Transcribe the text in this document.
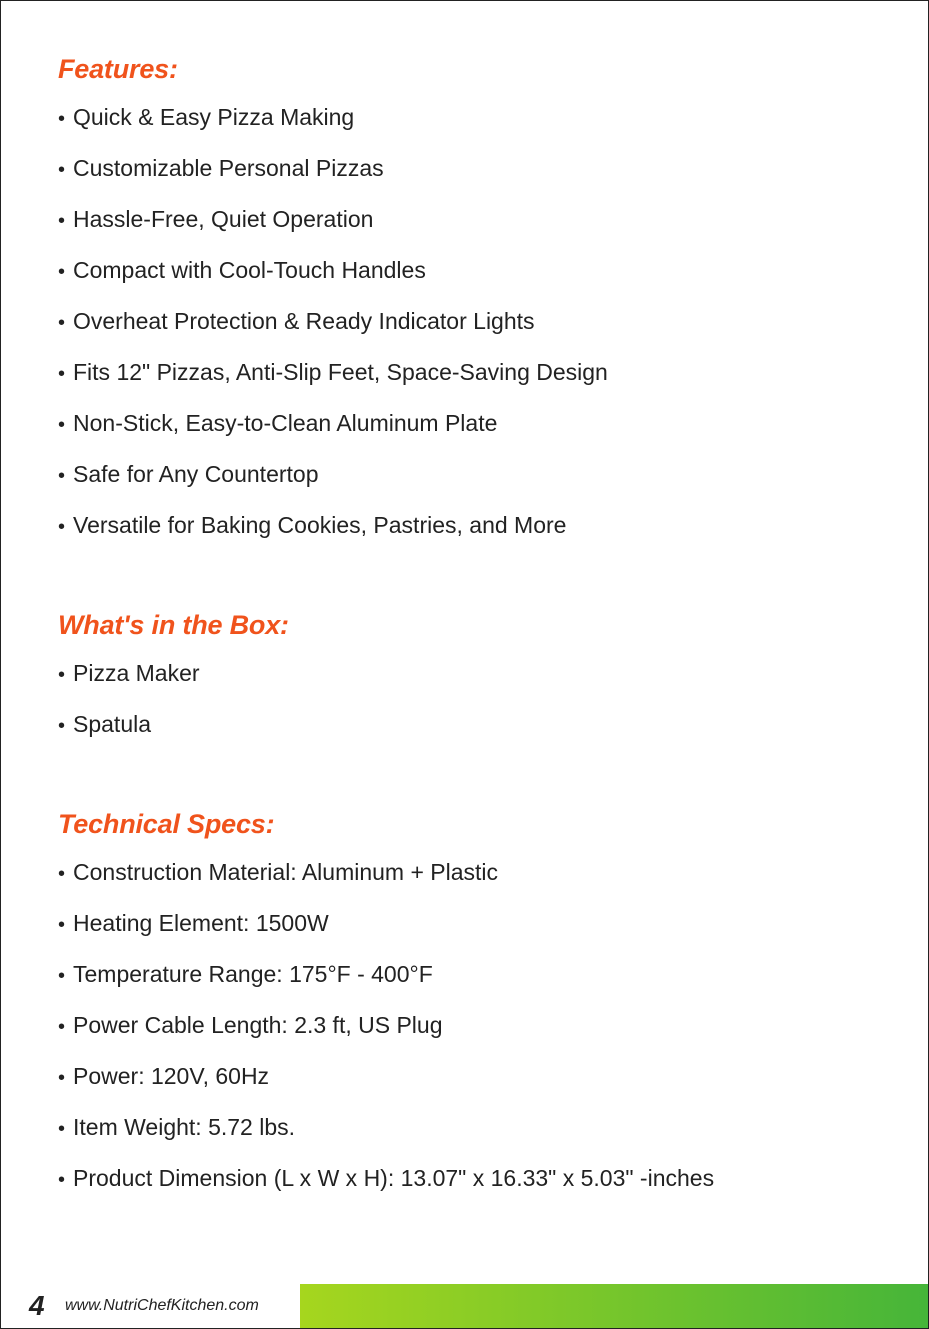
Features:
• Quick & Easy Pizza Making
• Customizable Personal Pizzas
• Hassle-Free, Quiet Operation
• Compact with Cool-Touch Handles
• Overheat Protection & Ready Indicator Lights
• Fits 12" Pizzas, Anti-Slip Feet, Space-Saving Design
• Non-Stick, Easy-to-Clean Aluminum Plate
• Safe for Any Countertop
• Versatile for Baking Cookies, Pastries, and More
What's in the Box:
• Pizza Maker
• Spatula
Technical Specs:
• Construction Material: Aluminum + Plastic
• Heating Element: 1500W
• Temperature Range: 175°F - 400°F
• Power Cable Length: 2.3 ft, US Plug
• Power: 120V, 60Hz
• Item Weight: 5.72 lbs.
• Product Dimension (L x W x H): 13.07" x 16.33" x 5.03" -inches
4 www.NutriChefKitchen.com
